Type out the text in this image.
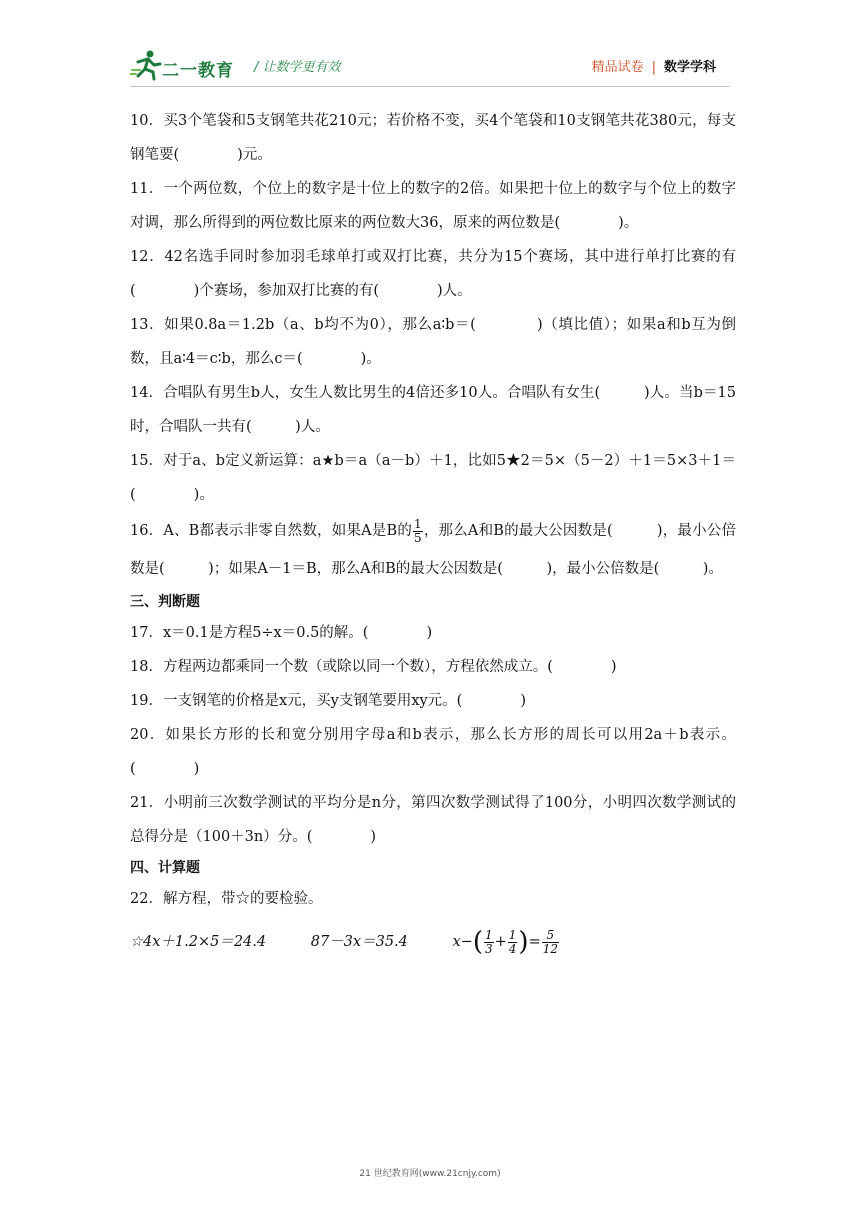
二一教育 / 让数学更有效	精品试卷 | 数学学科

10．买3个笔袋和5支钢笔共花210元；若价格不变，买4个笔袋和10支钢笔共花380元，每支钢笔要(　　　　)元。

11．一个两位数，个位上的数字是十位上的数字的2倍。如果把十位上的数字与个位上的数字对调，那么所得到的两位数比原来的两位数大36，原来的两位数是(　　　　)。

12．42名选手同时参加羽毛球单打或双打比赛，共分为15个赛场，其中进行单打比赛的有(　　　　)个赛场，参加双打比赛的有(　　　　)人。

13．如果0.8a＝1.2b（a、b均不为0），那么a∶b＝(　　　　)（填比值）；如果a和b互为倒数，且a∶4＝c∶b，那么c＝(　　　　)。

14．合唱队有男生b人，女生人数比男生的4倍还多10人。合唱队有女生(　　　)人。当b＝15时，合唱队一共有(　　　)人。

15．对于a、b定义新运算：a★b＝a（a－b）＋1，比如5★2＝5×（5－2）＋1＝5×3＋1＝(　　　　)。

16．A、B都表示非零自然数，如果A是B的 $\frac{1}{5}$ ，那么A和B的最大公因数是(　　　)，最小公倍数是(　　　)；如果A－1＝B，那么A和B的最大公因数是(　　　)，最小公倍数是(　　　)。

三、判断题

17．x＝0.1是方程5÷x＝0.5的解。(　　　　)

18．方程两边都乘同一个数（或除以同一个数），方程依然成立。(　　　　)

19．一支钢笔的价格是x元，买y支钢笔要用xy元。(　　　　)

20．如果长方形的长和宽分别用字母a和b表示，那么长方形的周长可以用2a＋b表示。(　　　　)

21．小明前三次数学测试的平均分是n分，第四次数学测试得了100分，小明四次数学测试的总得分是（100＋3n）分。(　　　　)

四、计算题

22．解方程，带☆的要检验。

☆4x＋1.2×5＝24.4	87－3x＝35.4	$x-( \frac{1}{3} + \frac{1}{4}$ )= $\frac{5}{12}$
21 世纪教育网(www.21cnjy.com)
